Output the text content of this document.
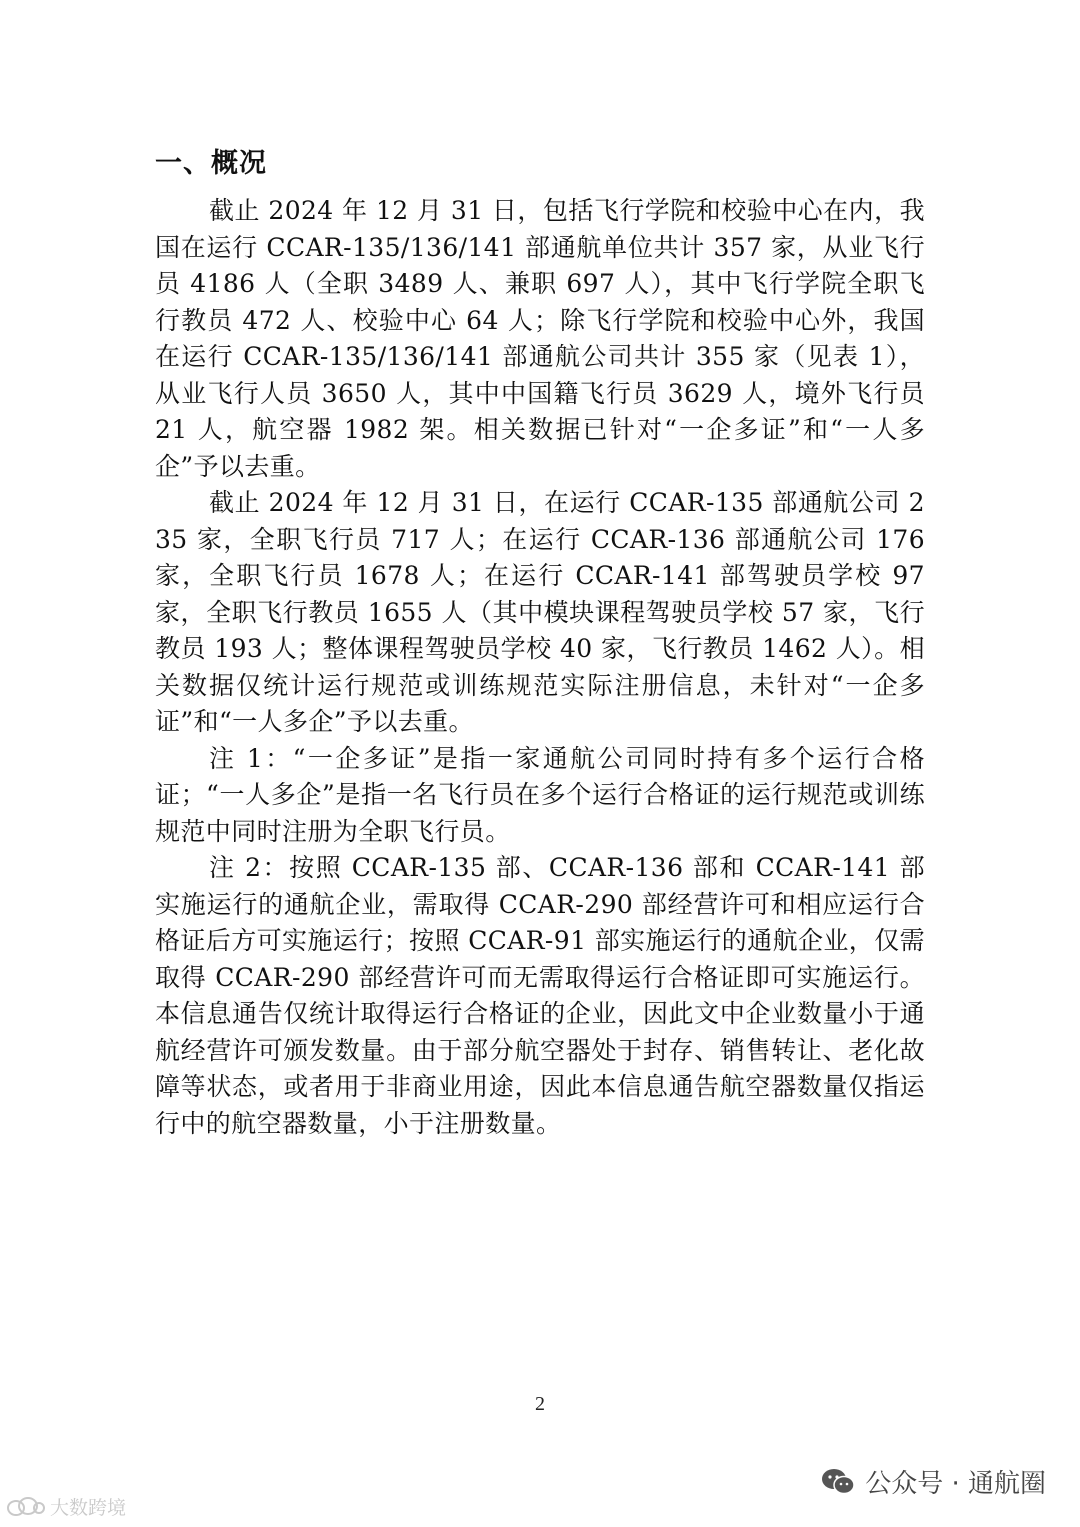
一、概况

截止 2024 年 12 月 31 日，包括飞行学院和校验中心在内，我国在运行 CCAR-135/136/141 部通航单位共计 357 家，从业飞行员 4186 人（全职 3489 人、兼职 697 人），其中飞行学院全职飞行教员 472 人、校验中心 64 人；除飞行学院和校验中心外，我国在运行 CCAR-135/136/141 部通航公司共计 355 家（见表 1），从业飞行人员 3650 人，其中中国籍飞行员 3629 人，境外飞行员 21 人，航空器 1982 架。相关数据已针对“一企多证”和“一人多企”予以去重。

截止 2024 年 12 月 31 日，在运行 CCAR-135 部通航公司 235 家，全职飞行员 717 人；在运行 CCAR-136 部通航公司 176 家，全职飞行员 1678 人；在运行 CCAR-141 部驾驶员学校 97 家，全职飞行教员 1655 人（其中模块课程驾驶员学校 57 家，飞行教员 193 人；整体课程驾驶员学校 40 家，飞行教员 1462 人）。相关数据仅统计运行规范或训练规范实际注册信息，未针对“一企多证”和“一人多企”予以去重。

注 1：“一企多证”是指一家通航公司同时持有多个运行合格证；“一人多企”是指一名飞行员在多个运行合格证的运行规范或训练规范中同时注册为全职飞行员。

注 2：按照 CCAR-135 部、CCAR-136 部和 CCAR-141 部实施运行的通航企业，需取得 CCAR-290 部经营许可和相应运行合格证后方可实施运行；按照 CCAR-91 部实施运行的通航企业，仅需取得 CCAR-290 部经营许可而无需取得运行合格证即可实施运行。本信息通告仅统计取得运行合格证的企业，因此文中企业数量小于通航经营许可颁发数量。由于部分航空器处于封存、销售转让、老化故障等状态，或者用于非商业用途，因此本信息通告航空器数量仅指运行中的航空器数量，小于注册数量。

2
大数跨境
公众号 · 通航圈
